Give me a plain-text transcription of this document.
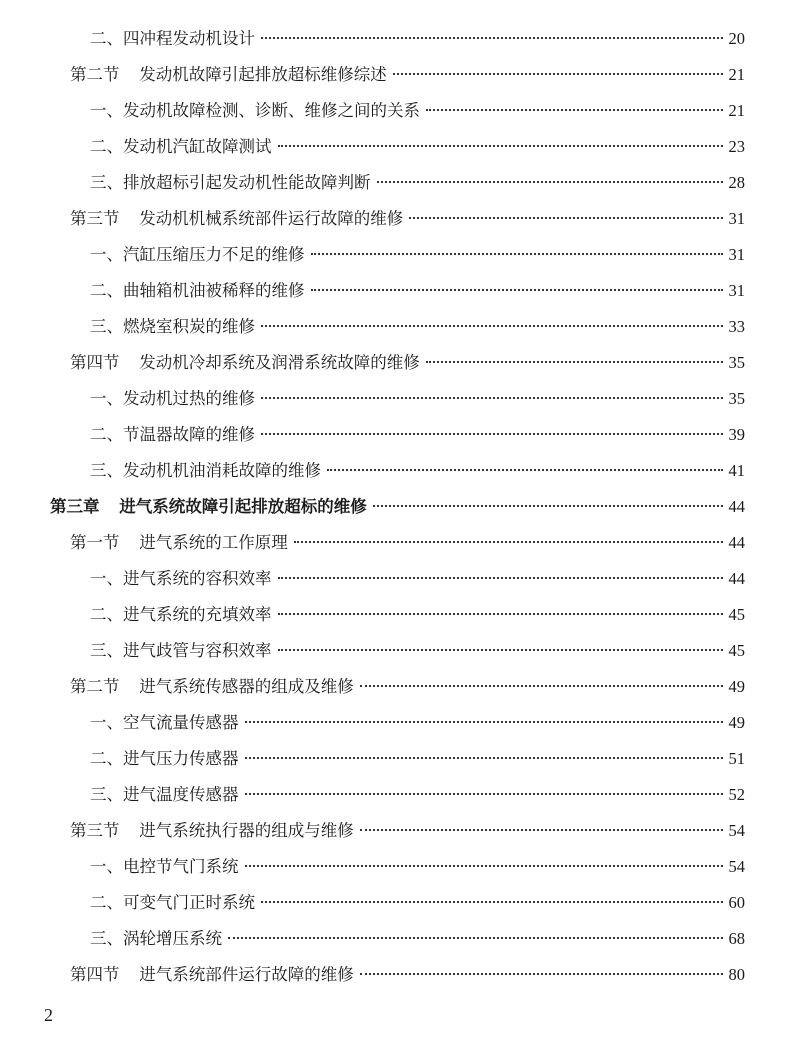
二、四冲程发动机设计	20
第二节 发动机故障引起排放超标维修综述	21
一、发动机故障检测、诊断、维修之间的关系	21
二、发动机汽缸故障测试	23
三、排放超标引起发动机性能故障判断	28
第三节 发动机机械系统部件运行故障的维修	31
一、汽缸压缩压力不足的维修	31
二、曲轴箱机油被稀释的维修	31
三、燃烧室积炭的维修	33
第四节 发动机冷却系统及润滑系统故障的维修	35
一、发动机过热的维修	35
二、节温器故障的维修	39
三、发动机机油消耗故障的维修	41
第三章 进气系统故障引起排放超标的维修	44
第一节 进气系统的工作原理	44
一、进气系统的容积效率	44
二、进气系统的充填效率	45
三、进气歧管与容积效率	45
第二节 进气系统传感器的组成及维修	49
一、空气流量传感器	49
二、进气压力传感器	51
三、进气温度传感器	52
第三节 进气系统执行器的组成与维修	54
一、电控节气门系统	54
二、可变气门正时系统	60
三、涡轮增压系统	68
第四节 进气系统部件运行故障的维修	80
2
